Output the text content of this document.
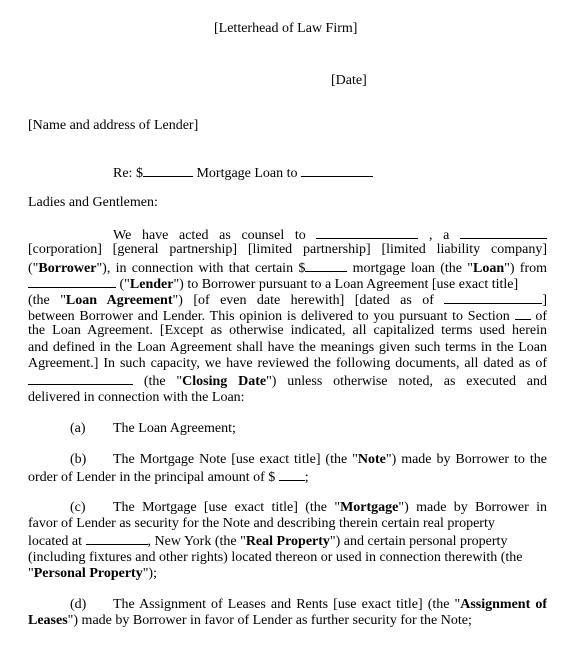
[Letterhead of Law Firm]
[Date]
[Name and address of Lender]
Re: $	Mortgage Loan to
Ladies and Gentlemen:
We have acted as counsel to	, a
[corporation] [general partnership] [limited partnership] [limited liability company]
("Borrower"), in connection with that certain $	mortgage loan (the "Loan") from
("Lender") to Borrower pursuant to a Loan Agreement [use exact title]
(the "Loan Agreement") [of even date herewith] [dated as of	]
between Borrower and Lender. This opinion is delivered to you pursuant to Section of
the Loan Agreement. [Except as otherwise indicated, all capitalized terms used herein
and defined in the Loan Agreement shall have the meanings given such terms in the Loan
Agreement.] In such capacity, we have reviewed the following documents, all dated as of
(the "Closing Date") unless otherwise noted, as executed and
delivered in connection with the Loan:
(a) The Loan Agreement;
(b) The Mortgage Note [use exact title] (the "Note") made by Borrower to the
order of Lender in the principal amount of $ ;
(c) The Mortgage [use exact title] (the "Mortgage") made by Borrower in
favor of Lender as security for the Note and describing therein certain real property
located at	, New York (the "Real Property") and certain personal property
(including fixtures and other rights) located thereon or used in connection therewith (the
"Personal Property");
(d) The Assignment of Leases and Rents [use exact title] (the "Assignment of
Leases") made by Borrower in favor of Lender as further security for the Note;
